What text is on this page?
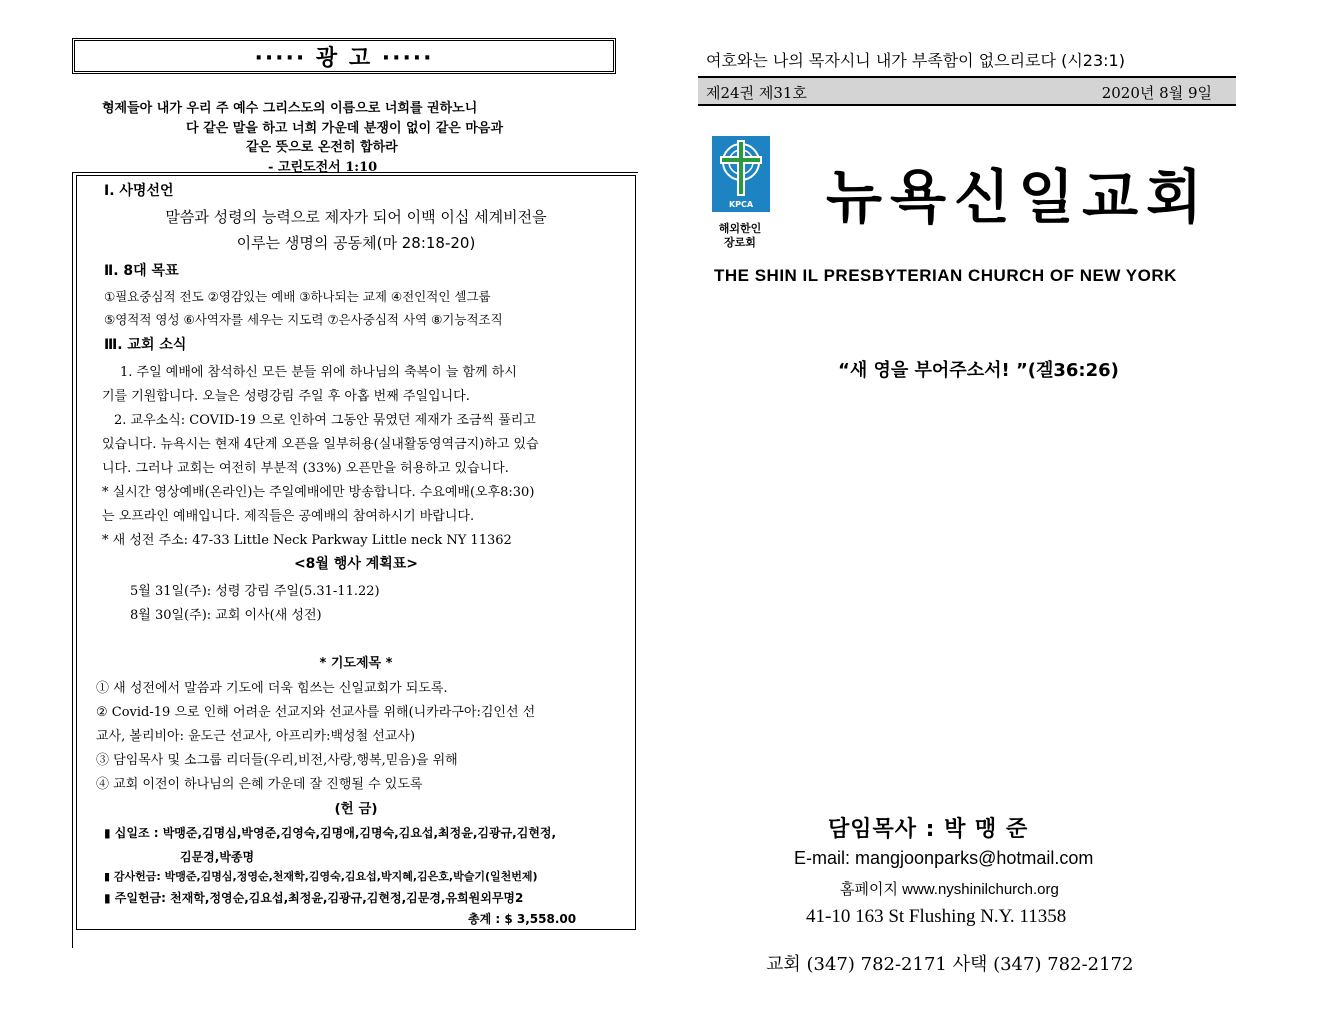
····· 광 고 ·····
형제들아 내가 우리 주 예수 그리스도의 이름으로 너희를 권하노니
다 같은 말을 하고 너희 가운데 분쟁이 없이 같은 마음과
같은 뜻으로 온전히 합하라
- 고린도전서 1:10
Ⅰ. 사명선언
말씀과 성령의 능력으로 제자가 되어 이백 이십 세계비전을
이루는 생명의 공동체(마 28:18-20)
Ⅱ. 8대 목표
①필요중심적 전도 ②영감있는 예배 ③하나되는 교제 ④전인적인 셀그룹
⑤영적적 영성 ⑥사역자를 세우는 지도력 ⑦은사중심적 사역 ⑧기능적조직
Ⅲ. 교회 소식
1. 주일 예배에 참석하신 모든 분들 위에 하나님의 축복이 늘 함께 하시
기를 기원합니다. 오늘은 성령강림 주일 후 아홉 번째 주일입니다.
2. 교우소식: COVID-19 으로 인하여 그동안 묶였던 제재가 조금씩 풀리고
있습니다. 뉴욕시는 현재 4단계 오픈을 일부허용(실내활동영역금지)하고 있습
니다. 그러나 교회는 여전히 부분적 (33%) 오픈만을 허용하고 있습니다.
* 실시간 영상예배(온라인)는 주일예배에만 방송합니다. 수요예배(오후8:30)
는 오프라인 예배입니다. 제직들은 공예배의 참여하시기 바랍니다.
* 새 성전 주소: 47-33 Little Neck Parkway Little neck NY 11362
<8월 행사 계획표>
5월 31일(주): 성령 강림 주일(5.31-11.22)
8월 30일(주): 교회 이사(새 성전)
* 기도제목 *
① 새 성전에서 말씀과 기도에 더욱 힘쓰는 신일교회가 되도록.
② Covid-19 으로 인해 어려운 선교지와 선교사를 위해(니카라구아:김인선 선
교사, 볼리비아: 윤도근 선교사, 아프리카:백성철 선교사)
③ 담임목사 및 소그룹 리더들(우리,비전,사랑,행복,믿음)을 위해
④ 교회 이전이 하나님의 은혜 가운데 잘 진행될 수 있도록
(헌 금)
▮ 십일조 : 박맹준,김명심,박영준,김영숙,김명애,김명숙,김요섭,최정윤,김광규,김현정,
김문경,박종명
▮ 감사헌금: 박맹준,김명심,정영순,천재학,김영숙,김요섭,박지혜,김은호,박슬기(일천번제)
▮ 주일헌금: 천재학,정영순,김요섭,최정윤,김광규,김현정,김문경,유희원외무명2
총계 : $ 3,558.00
여호와는 나의 목자시니 내가 부족함이 없으리로다 (시23:1)
제24권 제31호	2020년 8월 9일
KPCA
해외한인
장로회
뉴욕신일교회
THE SHIN IL PRESBYTERIAN CHURCH OF NEW YORK
“새 영을 부어주소서! ”(겔36:26)
담임목사 : 박 맹 준
E-mail: mangjoonparks@hotmail.com
홈페이지 www.nyshinilchurch.org
41-10 163 St Flushing N.Y. 11358
교회 (347) 782-2171 사택 (347) 782-2172
